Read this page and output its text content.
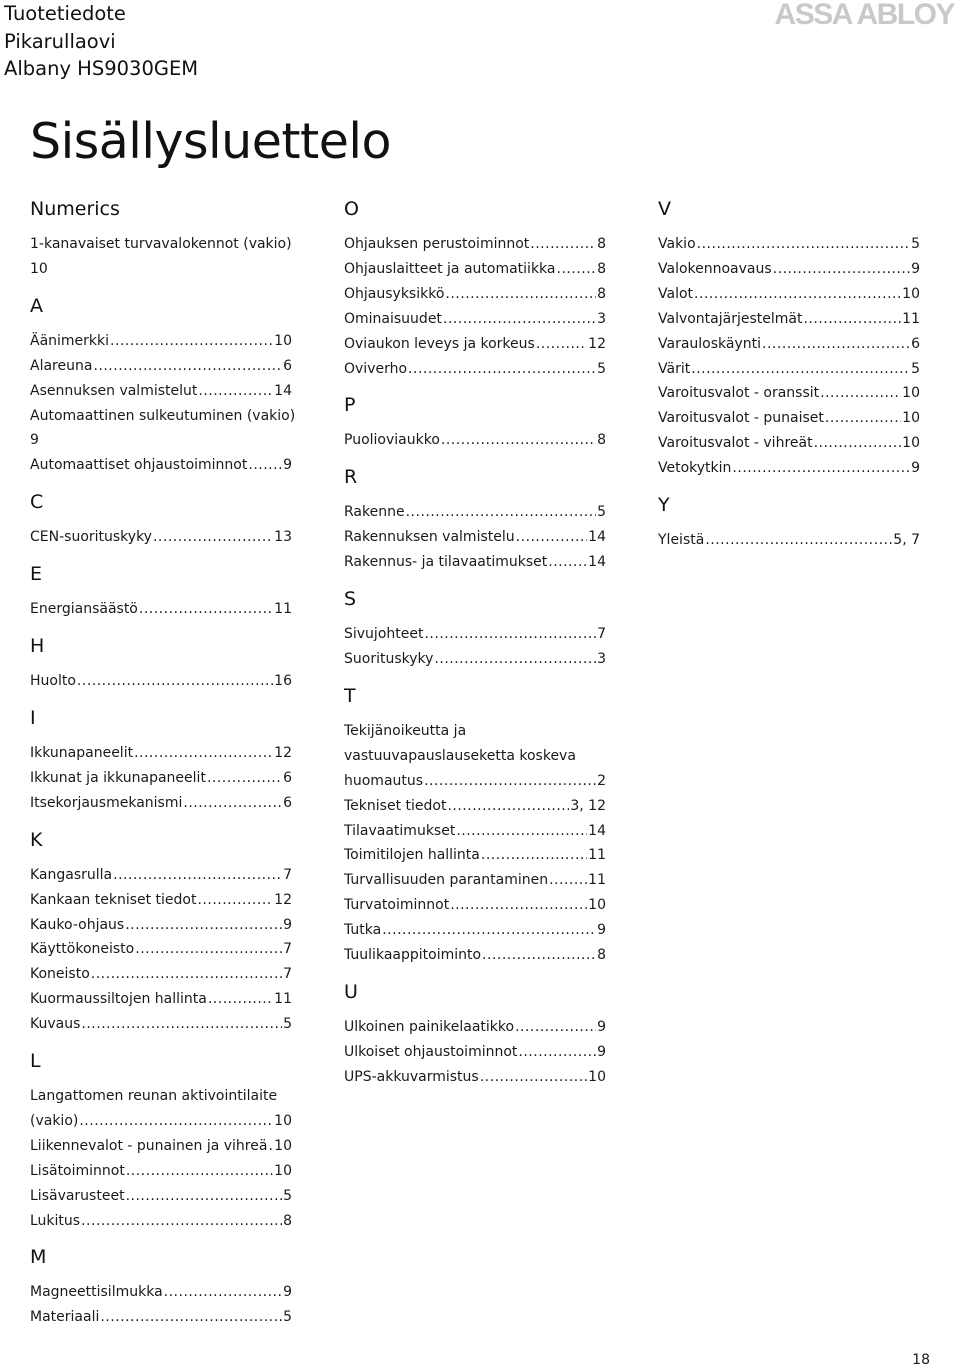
Tuotetiedote
Pikarullaovi
Albany HS9030GEM
ASSA ABLOY
Sisällysluettelo
Numerics
1-kanavaiset turvavalokennot (vakio)
10
A
Äänimerkki .....	10
Alareuna .....	6
Asennuksen valmistelut .....	14
Automaattinen sulkeutuminen (vakio)
9
Automaattiset ohjaustoiminnot .....	9
C
CEN-suorituskyky .....	13
E
Energiansäästö .....	11
H
Huolto .....	16
I
Ikkunapaneelit .....	12
Ikkunat ja ikkunapaneelit .....	6
Itsekorjausmekanismi .....	6
K
Kangasrulla .....	7
Kankaan tekniset tiedot .....	12
Kauko-ohjaus .....	9
Käyttökoneisto .....	7
Koneisto .....	7
Kuormaussiltojen hallinta .....	11
Kuvaus .....	5
L
Langattomen reunan aktivointilaite
(vakio) .....	10
Liikennevalot - punainen ja vihreä ..... 10
Lisätoiminnot .....	10
Lisävarusteet .....	5
Lukitus .....	8
M
Magneettisilmukka .....	9
Materiaali .....	5
O
Ohjauksen perustoiminnot .....	8
Ohjauslaitteet ja automatiikka .....	8
Ohjausyksikkö .....	8
Ominaisuudet .....	3
Oviaukon leveys ja korkeus .....	12
Oviverho .....	5
P
Puolioviaukko .....	8
R
Rakenne .....	5
Rakennuksen valmistelu .....	14
Rakennus- ja tilavaatimukset .....	14
S
Sivujohteet .....	7
Suorituskyky .....	3
T
Tekijänoikeutta ja
vastuuvapauslauseketta koskeva
huomautus .....	2
Tekniset tiedot .....	3, 12
Tilavaatimukset .....	14
Toimitilojen hallinta .....	11
Turvallisuuden parantaminen .....	11
Turvatoiminnot .....	10
Tutka .....	9
Tuulikaappitoiminto .....	8
U
Ulkoinen painikelaatikko .....	9
Ulkoiset ohjaustoiminnot .....	9
UPS-akkuvarmistus .....	10
V
Vakio .....	5
Valokennoavaus .....	9
Valot .....	10
Valvontajärjestelmät .....	11
Varauloskäynti .....	6
Värit .....	5
Varoitusvalot - oranssit .....	10
Varoitusvalot - punaiset .....	10
Varoitusvalot - vihreät .....	10
Vetokytkin .....	9
Y
Yleistä .....	5, 7
18
